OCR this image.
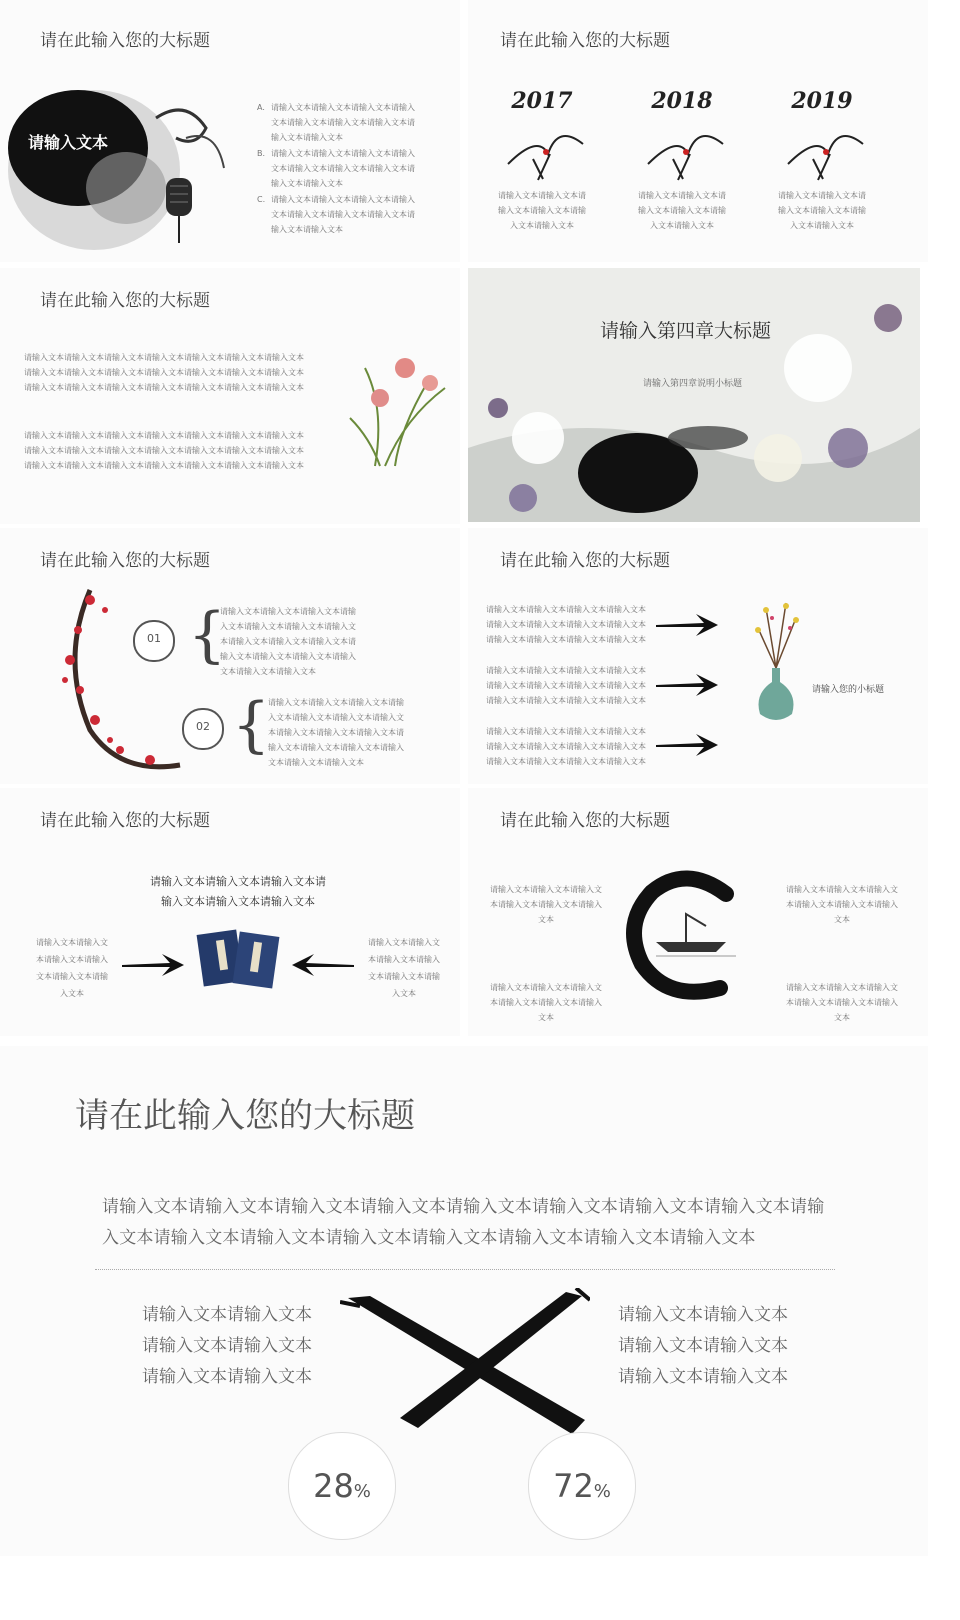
请在此输入您的大标题
请输入文本
A. 请输入文本请输入文本请输入文本请输入
文本请输入文本请输入文本请输入文本请
输入文本请输入文本
B. 请输入文本请输入文本请输入文本请输入
文本请输入文本请输入文本请输入文本请
输入文本请输入文本
C. 请输入文本请输入文本请输入文本请输入
文本请输入文本请输入文本请输入文本请
输入文本请输入文本
请在此输入您的大标题
2017
请输入文本请输入文本请
输入文本请输入文本请输
入文本请输入文本
2018
请输入文本请输入文本请
输入文本请输入文本请输
入文本请输入文本
2019
请输入文本请输入文本请
输入文本请输入文本请输
入文本请输入文本
请在此输入您的大标题
请输入文本请输入文本请输入文本请输入文本请输入文本请输入文本请输入文本
请输入文本请输入文本请输入文本请输入文本请输入文本请输入文本请输入文本
请输入文本请输入文本请输入文本请输入文本请输入文本请输入文本请输入文本
请输入文本请输入文本请输入文本请输入文本请输入文本请输入文本请输入文本
请输入文本请输入文本请输入文本请输入文本请输入文本请输入文本请输入文本
请输入文本请输入文本请输入文本请输入文本请输入文本请输入文本请输入文本
请输入第四章大标题
请输入第四章说明小标题
请在此输入您的大标题
01
02
{
{
请输入文本请输入文本请输入文本请输
入文本请输入文本请输入文本请输入文
本请输入文本请输入文本请输入文本请
输入文本请输入文本请输入文本请输入
文本请输入文本请输入文本
请输入文本请输入文本请输入文本请输
入文本请输入文本请输入文本请输入文
本请输入文本请输入文本请输入文本请
输入文本请输入文本请输入文本请输入
文本请输入文本请输入文本
请在此输入您的大标题
请输入文本请输入文本请输入文本请输入文本
请输入文本请输入文本请输入文本请输入文本
请输入文本请输入文本请输入文本请输入文本
请输入文本请输入文本请输入文本请输入文本
请输入文本请输入文本请输入文本请输入文本
请输入文本请输入文本请输入文本请输入文本
请输入文本请输入文本请输入文本请输入文本
请输入文本请输入文本请输入文本请输入文本
请输入文本请输入文本请输入文本请输入文本
请输入您的小标题
请在此输入您的大标题
请输入文本请输入文本请输入文本请
输入文本请输入文本请输入文本
请输入文本请输入文
本请输入文本请输入
文本请输入文本请输
入文本
请输入文本请输入文
本请输入文本请输入
文本请输入文本请输
入文本
请在此输入您的大标题
请输入文本请输入文本请输入文
本请输入文本请输入文本请输入
文本
请输入文本请输入文本请输入文
本请输入文本请输入文本请输入
文本
请输入文本请输入文本请输入文
本请输入文本请输入文本请输入
文本
请输入文本请输入文本请输入文
本请输入文本请输入文本请输入
文本
请在此输入您的大标题
请输入文本请输入文本请输入文本请输入文本请输入文本请输入文本请输入文本请输入文本请输
入文本请输入文本请输入文本请输入文本请输入文本请输入文本请输入文本请输入文本
请输入文本请输入文本
请输入文本请输入文本
请输入文本请输入文本
请输入文本请输入文本
请输入文本请输入文本
请输入文本请输入文本
28%	72%
